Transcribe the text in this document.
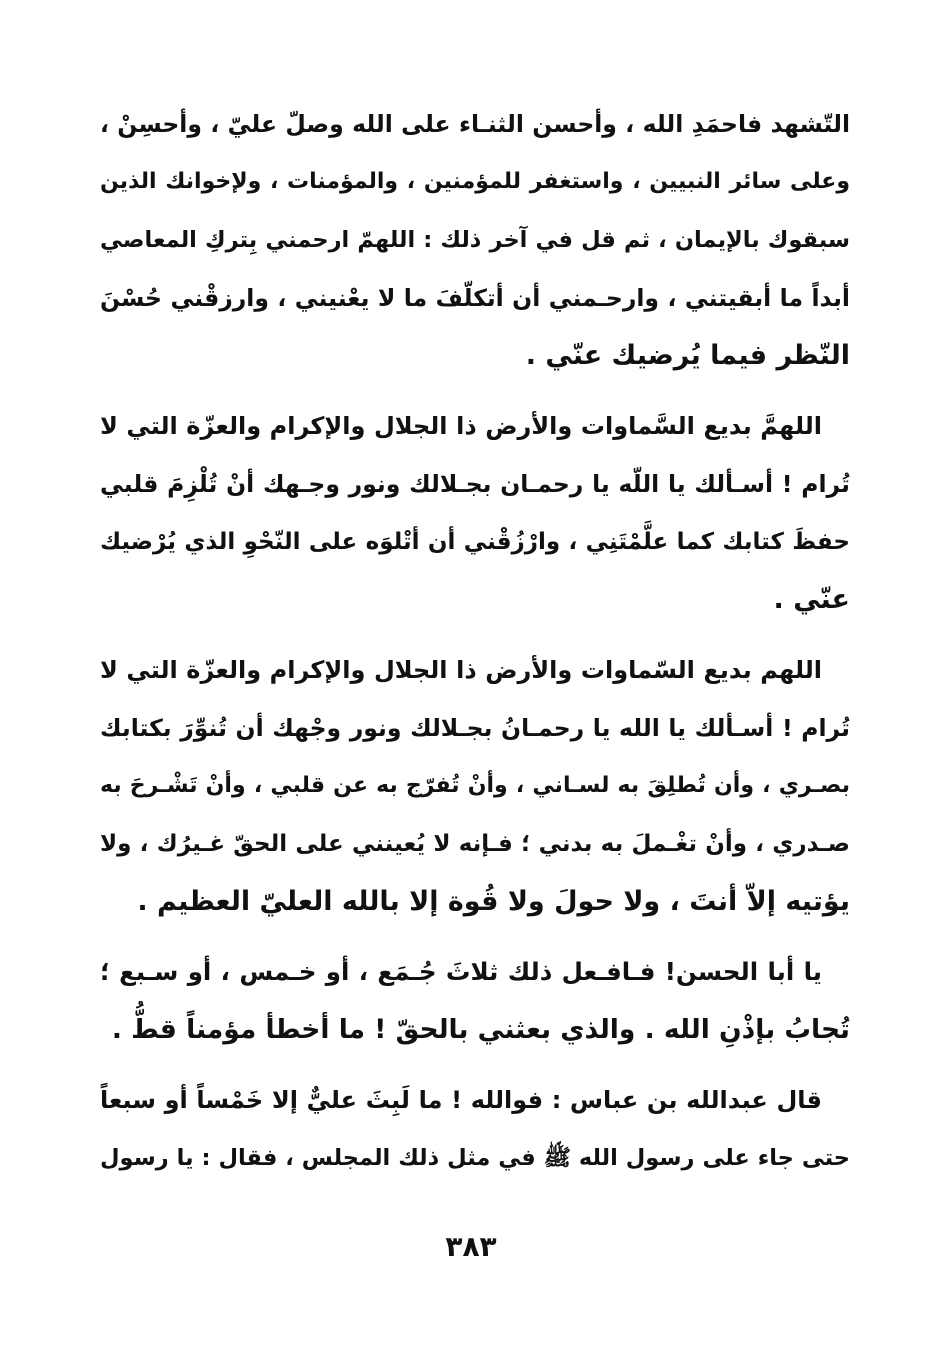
التّشهد فاحمَدِ الله ، وأحسن الثنـاء على الله وصلّ عليّ ، وأحسِنْ ،
وعلى سائر النبيين ، واستغفر للمؤمنين ، والمؤمنات ، ولإخوانك الذين
سبقوك بالإيمان ، ثم قل في آخر ذلك : اللهمّ ارحمني بِتركِ المعاصي
أبداً ما أبقيتني ، وارحـمني أن أتكلّفَ ما لا يعْنيني ، وارزقْني حُسْنَ
النّظر فيما يُرضيك عنّي .
اللهمَّ بديع السَّماوات والأرض ذا الجلال والإكرام والعزّة التي لا
تُرام ! أسـألك يا اللّه يا رحمـان بجـلالك ونور وجـهك أنْ تُلْزِمَ قلبي
حفظَ كتابك كما علَّمْتَنِي ، وارْزُقْني أن أتْلوَه على النّحْوِ الذي يُرْضيك
عنّي .
اللهم بديع السّماوات والأرض ذا الجلال والإكرام والعزّة التي لا
تُرام ! أسـألك يا الله يا رحمـانُ بجـلالك ونور وجْهك أن تُنوِّرَ بكتابك
بصـري ، وأن تُطلِقَ به لسـاني ، وأنْ تُفرّج به عن قلبي ، وأنْ تَشْـرحَ به
صـدري ، وأنْ تغْـملَ به بدني ؛ فـإنه لا يُعينني على الحقّ غـيرُك ، ولا
يؤتيه إلاّ أنتَ ، ولا حولَ ولا قُوة إلا بالله العليّ العظيم .
يا أبا الحسن! فـافـعل ذلك ثلاثَ جُـمَع ، أو خـمس ، أو سـبع ؛
تُجابُ بإذْنِ الله . والذي بعثني بالحقّ ! ما أخطأ مؤمناً قطُّ .
قال عبدالله بن عباس : فوالله ! ما لَبِثَ عليٌّ إلا خَمْساً أو سبعاً
حتى جاء على رسول الله ﷺ في مثل ذلك المجلس ، فقال : يا رسول
٣٨٣
